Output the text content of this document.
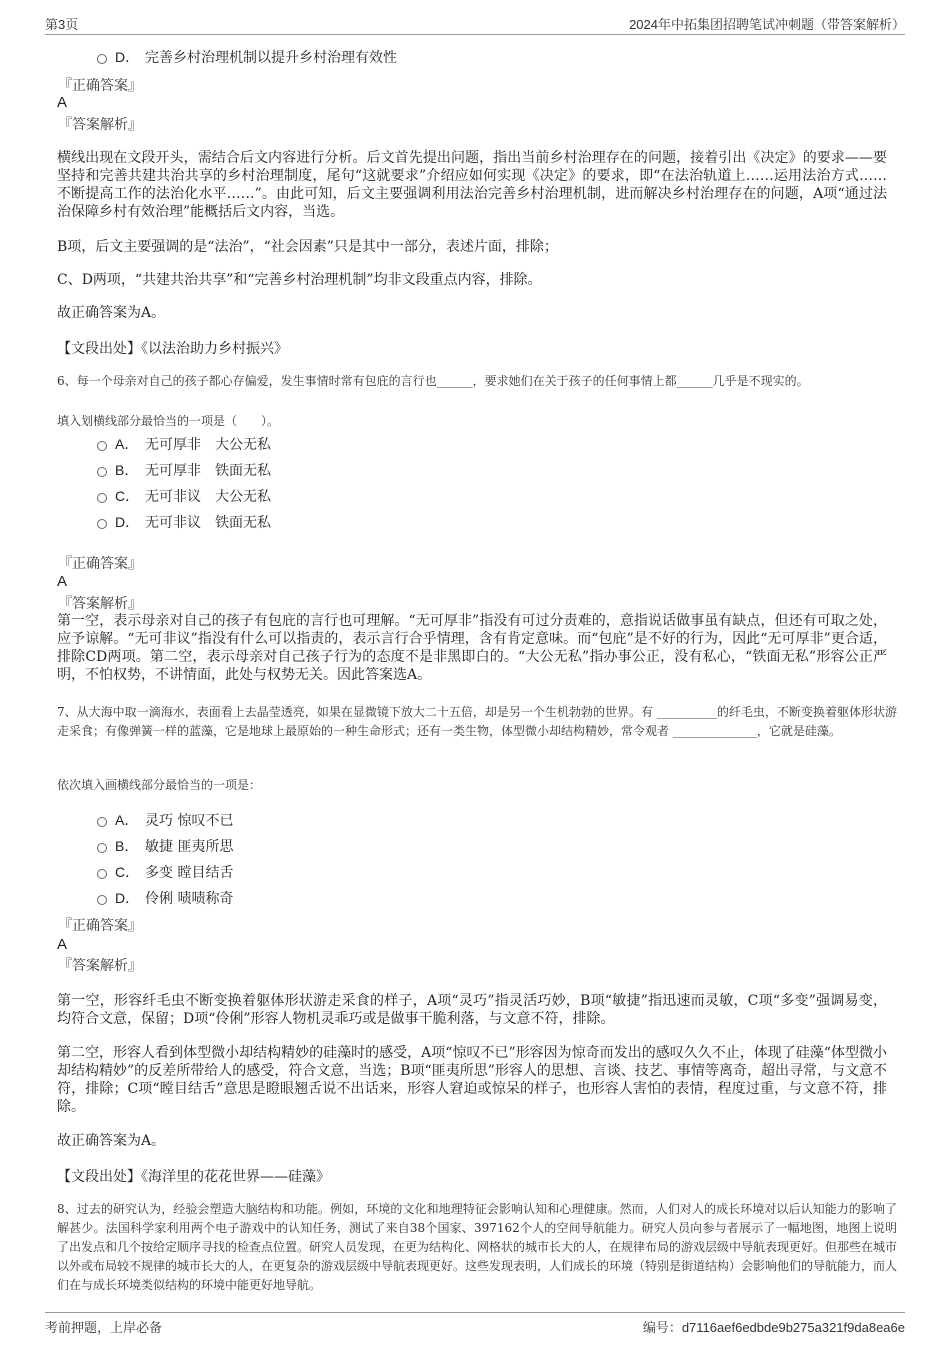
第3页	2024年中拓集团招聘笔试冲刺题（带答案解析）
D． 完善乡村治理机制以提升乡村治理有效性
『正确答案』
A
『答案解析』
横线出现在文段开头，需结合后文内容进行分析。后文首先提出问题，指出当前乡村治理存在的问题，接着引出《决定》的要求——要坚持和完善共建共治共享的乡村治理制度，尾句“这就要求”介绍应如何实现《决定》的要求，即“在法治轨道上……运用法治方式……不断提高工作的法治化水平……”。由此可知，后文主要强调利用法治完善乡村治理机制，进而解决乡村治理存在的问题，A项“通过法治保障乡村有效治理”能概括后文内容，当选。
B项，后文主要强调的是“法治”，“社会因素”只是其中一部分，表述片面，排除；
C、D两项，“共建共治共享”和“完善乡村治理机制”均非文段重点内容，排除。
故正确答案为A。
【文段出处】《以法治助力乡村振兴》
6、每一个母亲对自己的孩子都心存偏爱，发生事情时常有包庇的言行也______，要求她们在关于孩子的任何事情上都______几乎是不现实的。
填入划横线部分最恰当的一项是（　　）。
A． 无可厚非　大公无私
B． 无可厚非　铁面无私
C． 无可非议　大公无私
D． 无可非议　铁面无私
『正确答案』
A
『答案解析』
第一空，表示母亲对自己的孩子有包庇的言行也可理解。“无可厚非”指没有可过分责难的，意指说话做事虽有缺点，但还有可取之处，应予谅解。“无可非议”指没有什么可以指责的，表示言行合乎情理，含有肯定意味。而“包庇”是不好的行为，因此“无可厚非”更合适，排除CD两项。第二空，表示母亲对自己孩子行为的态度不是非黑即白的。“大公无私”指办事公正，没有私心，“铁面无私”形容公正严明，不怕权势，不讲情面，此处与权势无关。因此答案选A。
7、从大海中取一滴海水，表面看上去晶莹透亮，如果在显微镜下放大二十五倍，却是另一个生机勃勃的世界。有 __________的纤毛虫，不断变换着躯体形状游走采食；有像弹簧一样的蓝藻，它是地球上最原始的一种生命形式；还有一类生物，体型微小却结构精妙，常令观者 ______________，它就是硅藻。
依次填入画横线部分最恰当的一项是：
A． 灵巧 惊叹不已
B． 敏捷 匪夷所思
C． 多变 瞠目结舌
D． 伶俐 啧啧称奇
『正确答案』
A
『答案解析』
第一空，形容纤毛虫不断变换着躯体形状游走采食的样子，A项“灵巧”指灵活巧妙，B项“敏捷”指迅速而灵敏，C项“多变”强调易变，均符合文意，保留；D项“伶俐”形容人物机灵乖巧或是做事干脆利落，与文意不符，排除。
第二空，形容人看到体型微小却结构精妙的硅藻时的感受，A项“惊叹不已”形容因为惊奇而发出的感叹久久不止，体现了硅藻“体型微小却结构精妙”的反差所带给人的感受，符合文意，当选；B项“匪夷所思”形容人的思想、言谈、技艺、事情等离奇，超出寻常，与文意不符，排除；C项“瞠目结舌”意思是瞪眼翘舌说不出话来，形容人窘迫或惊呆的样子，也形容人害怕的表情，程度过重，与文意不符，排除。
故正确答案为A。
【文段出处】《海洋里的花花世界——硅藻》
8、过去的研究认为，经验会塑造大脑结构和功能。例如，环境的文化和地理特征会影响认知和心理健康。然而，人们对人的成长环境对以后认知能力的影响了解甚少。法国科学家利用两个电子游戏中的认知任务，测试了来自38个国家、397162个人的空间导航能力。研究人员向参与者展示了一幅地图，地图上说明了出发点和几个按给定顺序寻找的检查点位置。研究人员发现，在更为结构化、网格状的城市长大的人，在规律布局的游戏层级中导航表现更好。但那些在城市以外或布局较不规律的城市长大的人，在更复杂的游戏层级中导航表现更好。这些发现表明，人们成长的环境（特别是街道结构）会影响他们的导航能力，而人们在与成长环境类似结构的环境中能更好地导航。
考前押题，上岸必备	编号：d7116aef6edbde9b275a321f9da8ea6e
